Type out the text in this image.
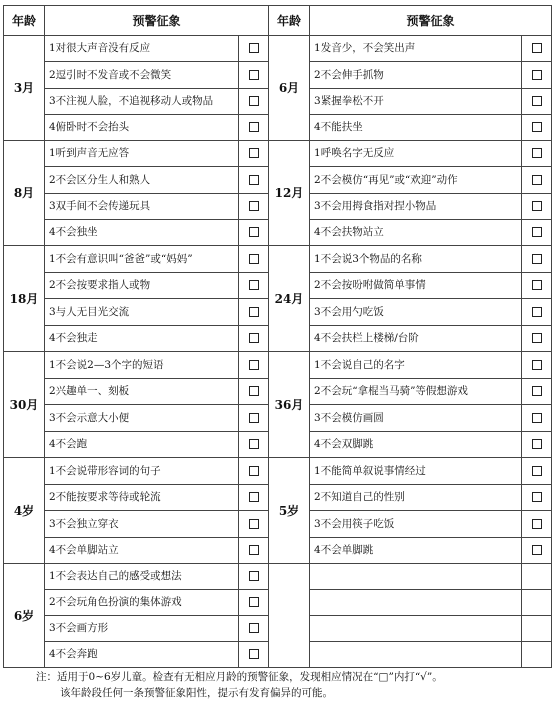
年龄	预警征象		年龄	预警征象	
3月	1对很大声音没有反应		6月	1发音少，不会笑出声	
	2逗引时不发音或不会微笑			2不会伸手抓物	
	3不注视人脸，不追视移动人或物品			3紧握拳松不开	
	4俯卧时不会抬头			4不能扶坐	
8月	1听到声音无应答		12月	1呼唤名字无反应	
	2不会区分生人和熟人			2不会模仿“再见”或“欢迎”动作	
	3双手间不会传递玩具			3不会用拇食指对捏小物品	
	4不会独坐			4不会扶物站立	
18月	1不会有意识叫“爸爸”或“妈妈”		24月	1不会说3个物品的名称	
	2不会按要求指人或物			2不会按吩咐做简单事情	
	3与人无目光交流			3不会用勺吃饭	
	4不会独走			4不会扶栏上楼梯/台阶	
30月	1不会说2—3个字的短语		36月	1不会说自己的名字	
	2兴趣单一、刻板			2不会玩“拿棍当马骑”等假想游戏	
	3不会示意大小便			3不会模仿画圆	
	4不会跑			4不会双脚跳	
4岁	1不会说带形容词的句子		5岁	1不能简单叙说事情经过	
	2不能按要求等待或轮流			2不知道自己的性别	
	3不会独立穿衣			3不会用筷子吃饭	
	4不会单脚站立			4不会单脚跳	
6岁	1不会表达自己的感受或想法				
	2不会玩角色扮演的集体游戏				
	3不会画方形				
	4不会奔跑				
注：适用于0~6岁儿童。检查有无相应月龄的预警征象，发现相应情况在“□”内打“√”。
该年龄段任何一条预警征象阳性，提示有发育偏异的可能。
